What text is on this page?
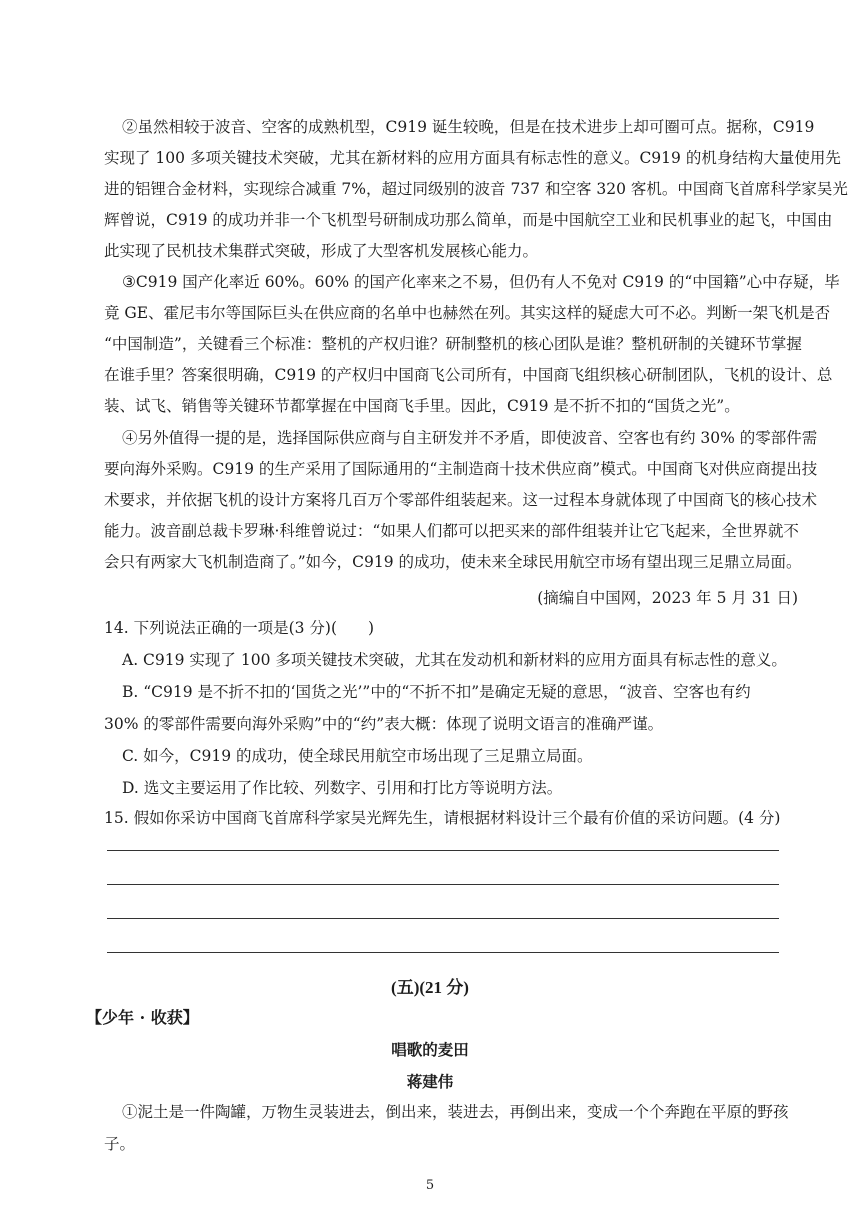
②虽然相较于波音、空客的成熟机型，C919 诞生较晚，但是在技术进步上却可圈可点。据称，C919
实现了 100 多项关键技术突破，尤其在新材料的应用方面具有标志性的意义。C919 的机身结构大量使用先
进的铝锂合金材料，实现综合减重 7%，超过同级别的波音 737 和空客 320 客机。中国商飞首席科学家吴光
辉曾说，C919 的成功并非一个飞机型号研制成功那么简单，而是中国航空工业和民机事业的起飞，中国由
此实现了民机技术集群式突破，形成了大型客机发展核心能力。
③C919 国产化率近 60%。60% 的国产化率来之不易，但仍有人不免对 C919 的“中国籍”心中存疑，毕
竟 GE、霍尼韦尔等国际巨头在供应商的名单中也赫然在列。其实这样的疑虑大可不必。判断一架飞机是否
“中国制造”，关键看三个标准：整机的产权归谁？研制整机的核心团队是谁？整机研制的关键环节掌握
在谁手里？答案很明确，C919 的产权归中国商飞公司所有，中国商飞组织核心研制团队，飞机的设计、总
装、试飞、销售等关键环节都掌握在中国商飞手里。因此，C919 是不折不扣的“国货之光”。
④另外值得一提的是，选择国际供应商与自主研发并不矛盾，即使波音、空客也有约 30% 的零部件需
要向海外采购。C919 的生产采用了国际通用的“主制造商十技术供应商”模式。中国商飞对供应商提出技
术要求，并依据飞机的设计方案将几百万个零部件组装起来。这一过程本身就体现了中国商飞的核心技术
能力。波音副总裁卡罗琳·科维曾说过：“如果人们都可以把买来的部件组装并让它飞起来，全世界就不
会只有两家大飞机制造商了。”如今，C919 的成功，使未来全球民用航空市场有望出现三足鼎立局面。
(摘编自中国网，2023 年 5 月 31 日)
14. 下列说法正确的一项是(3 分)(　　)
A. C919 实现了 100 多项关键技术突破，尤其在发动机和新材料的应用方面具有标志性的意义。
B. “C919 是不折不扣的‘国货之光’”中的“不折不扣”是确定无疑的意思，“波音、空客也有约
30% 的零部件需要向海外采购”中的“约”表大概：体现了说明文语言的准确严谨。
C. 如今，C919 的成功，使全球民用航空市场出现了三足鼎立局面。
D. 选文主要运用了作比较、列数字、引用和打比方等说明方法。
15. 假如你采访中国商飞首席科学家吴光辉先生，请根据材料设计三个最有价值的采访问题。(4 分)
(五)(21 分)
【少年 · 收获】
唱歌的麦田
蒋建伟
①泥土是一件陶罐，万物生灵装进去，倒出来，装进去，再倒出来，变成一个个奔跑在平原的野孩
子。
5
